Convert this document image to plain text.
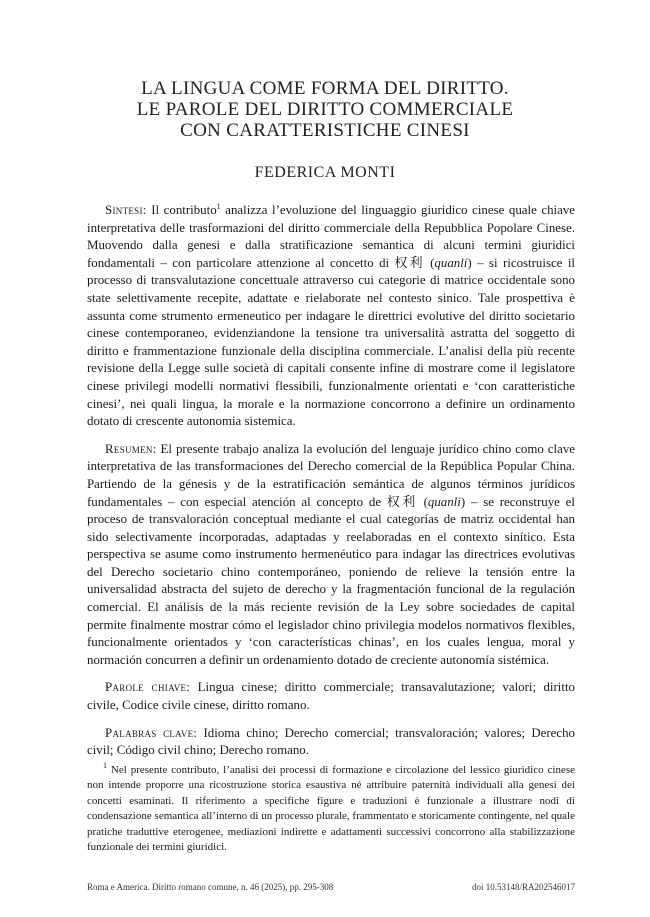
LA LINGUA COME FORMA DEL DIRITTO.
LE PAROLE DEL DIRITTO COMMERCIALE
CON CARATTERISTICHE CINESI
FEDERICA MONTI

Sintesi: Il contributo$^1$ analizza l’evoluzione del linguaggio giuridico cinese quale chiave interpretativa delle trasformazioni del diritto commerciale della Repubblica Popolare Cinese. Muovendo dalla genesi e dalla stratificazione semantica di alcuni termini giuridici fondamentali – con particolare attenzione al concetto di 权利 (quanli) – si ricostruisce il processo di transvalutazione concettuale attraverso cui categorie di matrice occidentale sono state selettivamente recepite, adattate e rielaborate nel contesto sinico. Tale prospettiva è assunta come strumento ermeneutico per indagare le direttrici evolutive del diritto societario cinese contemporaneo, evidenziandone la tensione tra universalità astratta del soggetto di diritto e frammentazione funzionale della disciplina commerciale. L’analisi della più recente revisione della Legge sulle società di capitali consente infine di mostrare come il legislatore cinese privilegi modelli normativi flessibili, funzionalmente orientati e ‘con caratteristiche cinesi’, nei quali lingua, la morale e la normazione concorrono a definire un ordinamento dotato di crescente autonomia sistemica.

Resumen: El presente trabajo analiza la evolución del lenguaje jurídico chino como clave interpretativa de las transformaciones del Derecho comercial de la República Popular China. Partiendo de la génesis y de la estratificación semántica de algunos términos jurídicos fundamentales – con especial atención al concepto de 权利 (quanli) – se reconstruye el proceso de transvaloración conceptual mediante el cual categorías de matriz occidental han sido selectivamente incorporadas, adaptadas y reelaboradas en el contexto sinítico. Esta perspectiva se asume como instrumento hermenéutico para indagar las directrices evolutivas del Derecho societario chino contemporáneo, poniendo de relieve la tensión entre la universalidad abstracta del sujeto de derecho y la fragmentación funcional de la regulación comercial. El análisis de la más reciente revisión de la Ley sobre sociedades de capital permite finalmente mostrar cómo el legislador chino privilegia modelos normativos flexibles, funcionalmente orientados y ‘con características chinas’, en los cuales lengua, moral y normación concurren a definir un ordenamiento dotado de creciente autonomía sistémica.

Parole chiave: Lingua cinese; diritto commerciale; transavalutazione; valori; diritto civile, Codice civile cinese, diritto romano.

Palabras clave: Idioma chino; Derecho comercial; transvaloración; valores; Derecho civil; Código civil chino; Derecho romano.

$^1$ Nel presente contributo, l’analisi dei processi di formazione e circolazione del lessico giuridico cinese non intende proporre una ricostruzione storica esaustiva né attribuire paternità individuali alla genesi dei concetti esaminati. Il riferimento a specifiche figure e traduzioni è funzionale a illustrare nodi di condensazione semantica all’interno di un processo plurale, frammentato e storicamente contingente, nel quale pratiche traduttive eterogenee, mediazioni indirette e adattamenti successivi concorrono alla stabilizzazione funzionale dei termini giuridici.
Roma e America. Diritto romano comune, n. 46 (2025), pp. 295-308	doi 10.53148/RA202546017
